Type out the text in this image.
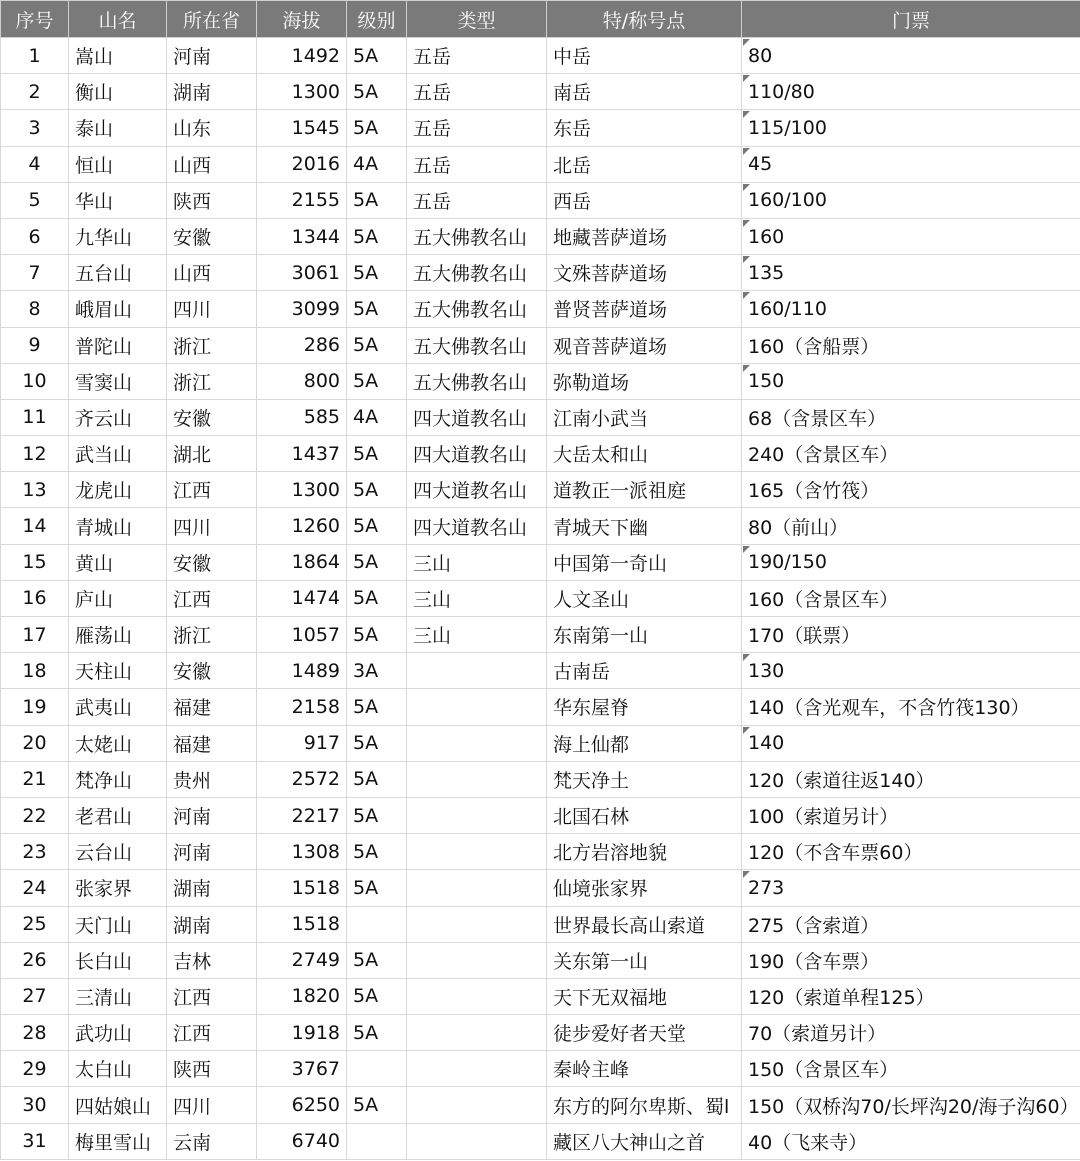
序号	山名	所在省	海拔	级别	类型	特/称号点	门票
1	嵩山	河南	1492	5A	五岳	中岳	80
2	衡山	湖南	1300	5A	五岳	南岳	110/80
3	泰山	山东	1545	5A	五岳	东岳	115/100
4	恒山	山西	2016	4A	五岳	北岳	45
5	华山	陕西	2155	5A	五岳	西岳	160/100
6	九华山	安徽	1344	5A	五大佛教名山	地藏菩萨道场	160
7	五台山	山西	3061	5A	五大佛教名山	文殊菩萨道场	135
8	峨眉山	四川	3099	5A	五大佛教名山	普贤菩萨道场	160/110
9	普陀山	浙江	286	5A	五大佛教名山	观音菩萨道场	160（含船票）
10	雪窦山	浙江	800	5A	五大佛教名山	弥勒道场	150
11	齐云山	安徽	585	4A	四大道教名山	江南小武当	68（含景区车）
12	武当山	湖北	1437	5A	四大道教名山	大岳太和山	240（含景区车）
13	龙虎山	江西	1300	5A	四大道教名山	道教正一派祖庭	165（含竹筏）
14	青城山	四川	1260	5A	四大道教名山	青城天下幽	80（前山）
15	黄山	安徽	1864	5A	三山	中国第一奇山	190/150
16	庐山	江西	1474	5A	三山	人文圣山	160（含景区车）
17	雁荡山	浙江	1057	5A	三山	东南第一山	170（联票）
18	天柱山	安徽	1489	3A		古南岳	130
19	武夷山	福建	2158	5A		华东屋脊	140（含光观车，不含竹筏130）
20	太姥山	福建	917	5A		海上仙都	140
21	梵净山	贵州	2572	5A		梵天净土	120（索道往返140）
22	老君山	河南	2217	5A		北国石林	100（索道另计）
23	云台山	河南	1308	5A		北方岩溶地貌	120（不含车票60）
24	张家界	湖南	1518	5A		仙境张家界	273
25	天门山	湖南	1518			世界最长高山索道	275（含索道）
26	长白山	吉林	2749	5A		关东第一山	190（含车票）
27	三清山	江西	1820	5A		天下无双福地	120（索道单程125）
28	武功山	江西	1918	5A		徒步爱好者天堂	70（索道另计）
29	太白山	陕西	3767			秦岭主峰	150（含景区车）
30	四姑娘山	四川	6250	5A		东方的阿尔卑斯、蜀l	150（双桥沟70/长坪沟20/海子沟60）
31	梅里雪山	云南	6740			藏区八大神山之首	40（飞来寺）
